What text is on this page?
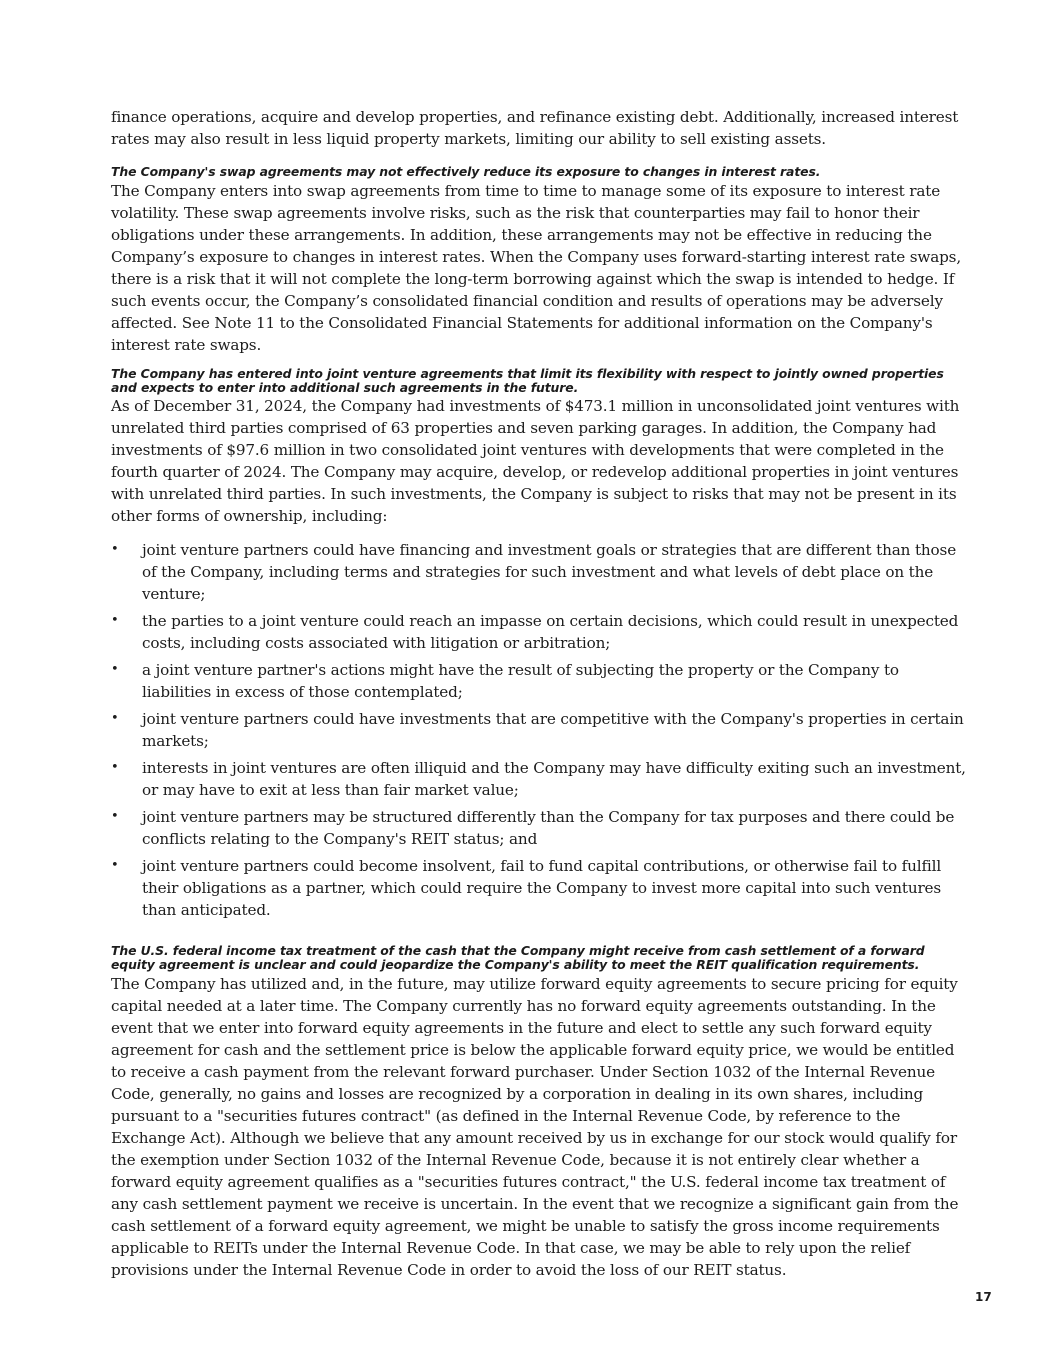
finance operations, acquire and develop properties, and refinance existing debt. Additionally, increased interest rates may also result in less liquid property markets, limiting our ability to sell existing assets.

The Company's swap agreements may not effectively reduce its exposure to changes in interest rates.

The Company enters into swap agreements from time to time to manage some of its exposure to interest rate volatility. These swap agreements involve risks, such as the risk that counterparties may fail to honor their obligations under these arrangements. In addition, these arrangements may not be effective in reducing the Company’s exposure to changes in interest rates. When the Company uses forward-starting interest rate swaps, there is a risk that it will not complete the long-term borrowing against which the swap is intended to hedge. If such events occur, the Company’s consolidated financial condition and results of operations may be adversely affected. See Note 11 to the Consolidated Financial Statements for additional information on the Company's interest rate swaps.

The Company has entered into joint venture agreements that limit its flexibility with respect to jointly owned properties and expects to enter into additional such agreements in the future.

As of December 31, 2024, the Company had investments of $473.1 million in unconsolidated joint ventures with unrelated third parties comprised of 63 properties and seven parking garages. In addition, the Company had investments of $97.6 million in two consolidated joint ventures with developments that were completed in the fourth quarter of 2024. The Company may acquire, develop, or redevelop additional properties in joint ventures with unrelated third parties. In such investments, the Company is subject to risks that may not be present in its other forms of ownership, including:

• joint venture partners could have financing and investment goals or strategies that are different than those of the Company, including terms and strategies for such investment and what levels of debt place on the venture;
• the parties to a joint venture could reach an impasse on certain decisions, which could result in unexpected costs, including costs associated with litigation or arbitration;
• a joint venture partner's actions might have the result of subjecting the property or the Company to liabilities in excess of those contemplated;
• joint venture partners could have investments that are competitive with the Company's properties in certain markets;
• interests in joint ventures are often illiquid and the Company may have difficulty exiting such an investment, or may have to exit at less than fair market value;
• joint venture partners may be structured differently than the Company for tax purposes and there could be conflicts relating to the Company's REIT status; and
• joint venture partners could become insolvent, fail to fund capital contributions, or otherwise fail to fulfill their obligations as a partner, which could require the Company to invest more capital into such ventures than anticipated.

The U.S. federal income tax treatment of the cash that the Company might receive from cash settlement of a forward equity agreement is unclear and could jeopardize the Company's ability to meet the REIT qualification requirements.

The Company has utilized and, in the future, may utilize forward equity agreements to secure pricing for equity capital needed at a later time. The Company currently has no forward equity agreements outstanding. In the event that we enter into forward equity agreements in the future and elect to settle any such forward equity agreement for cash and the settlement price is below the applicable forward equity price, we would be entitled to receive a cash payment from the relevant forward purchaser. Under Section 1032 of the Internal Revenue Code, generally, no gains and losses are recognized by a corporation in dealing in its own shares, including pursuant to a "securities futures contract" (as defined in the Internal Revenue Code, by reference to the Exchange Act). Although we believe that any amount received by us in exchange for our stock would qualify for the exemption under Section 1032 of the Internal Revenue Code, because it is not entirely clear whether a forward equity agreement qualifies as a "securities futures contract," the U.S. federal income tax treatment of any cash settlement payment we receive is uncertain. In the event that we recognize a significant gain from the cash settlement of a forward equity agreement, we might be unable to satisfy the gross income requirements applicable to REITs under the Internal Revenue Code. In that case, we may be able to rely upon the relief provisions under the Internal Revenue Code in order to avoid the loss of our REIT status.

17
